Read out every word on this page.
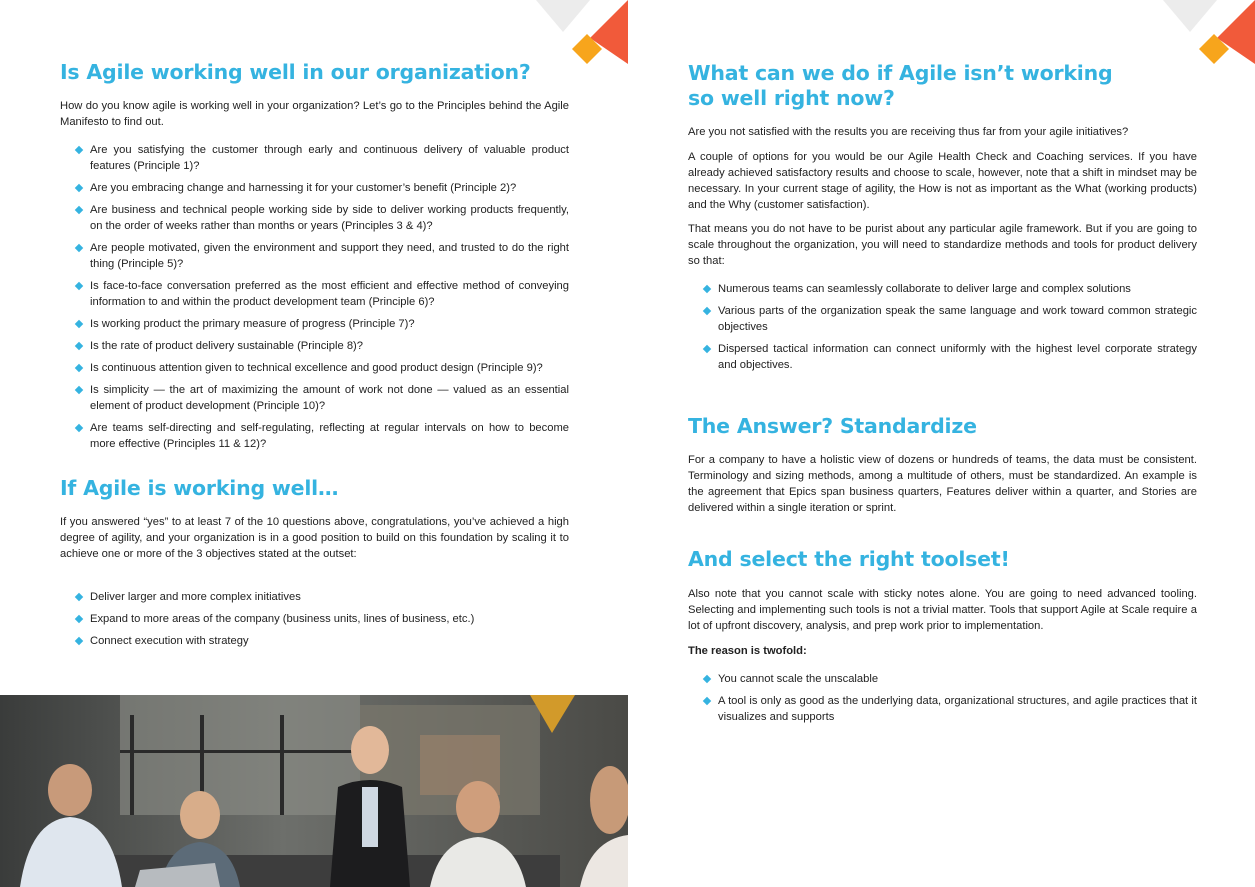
Is Agile working well in our organization?

How do you know agile is working well in your organization? Let’s go to the Principles behind the Agile Manifesto to find out.

Are you satisfying the customer through early and continuous delivery of valuable product features (Principle 1)?
Are you embracing change and harnessing it for your customer’s benefit (Principle 2)?
Are business and technical people working side by side to deliver working products frequently, on the order of weeks rather than months or years (Principles 3 & 4)?
Are people motivated, given the environment and support they need, and trusted to do the right thing (Principle 5)?
Is face-to-face conversation preferred as the most efficient and effective method of conveying information to and within the product development team (Principle 6)?
Is working product the primary measure of progress (Principle 7)?
Is the rate of product delivery sustainable (Principle 8)?
Is continuous attention given to technical excellence and good product design (Principle 9)?
Is simplicity — the art of maximizing the amount of work not done — valued as an essential element of product development (Principle 10)?
Are teams self-directing and self-regulating, reflecting at regular intervals on how to become more effective (Principles 11 & 12)?
If Agile is working well…

If you answered “yes” to at least 7 of the 10 questions above, congratulations, you’ve achieved a high degree of agility, and your organization is in a good position to build on this foundation by scaling it to achieve one or more of the 3 objectives stated at the outset:

Deliver larger and more complex initiatives
Expand to more areas of the company (business units, lines of business, etc.)
Connect execution with strategy
What can we do if Agile isn’t working
so well right now?

Are you not satisfied with the results you are receiving thus far from your agile initiatives?

A couple of options for you would be our Agile Health Check and Coaching services. If you have already achieved satisfactory results and choose to scale, however, note that a shift in mindset may be necessary. In your current stage of agility, the How is not as important as the What (working products) and the Why (customer satisfaction).

That means you do not have to be purist about any particular agile framework. But if you are going to scale throughout the organization, you will need to standardize methods and tools for product delivery so that:

Numerous teams can seamlessly collaborate to deliver large and complex solutions
Various parts of the organization speak the same language and work toward common strategic objectives
Dispersed tactical information can connect uniformly with the highest level corporate strategy and objectives.
The Answer? Standardize

For a company to have a holistic view of dozens or hundreds of teams, the data must be consistent. Terminology and sizing methods, among a multitude of others, must be standardized. An example is the agreement that Epics span business quarters, Features deliver within a quarter, and Stories are delivered within a single iteration or sprint.

And select the right toolset!

Also note that you cannot scale with sticky notes alone. You are going to need advanced tooling. Selecting and implementing such tools is not a trivial matter. Tools that support Agile at Scale require a lot of upfront discovery, analysis, and prep work prior to implementation.

The reason is twofold:

You cannot scale the unscalable
A tool is only as good as the underlying data, organizational structures, and agile practices that it visualizes and supports
